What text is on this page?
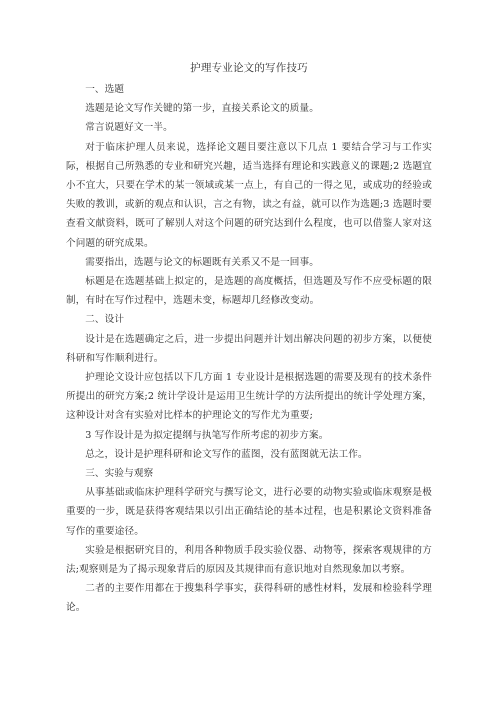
护理专业论文的写作技巧
一、选题

选题是论文写作关键的第一步，直接关系论文的质量。

常言说题好文一半。

对于临床护理人员来说，选择论文题目要注意以下几点 1 要结合学习与工作实际，根据自己所熟悉的专业和研究兴趣，适当选择有理论和实践意义的课题;2 选题宜小不宜大，只要在学术的某一领域或某一点上，有自己的一得之见，或成功的经验或失败的教训，或新的观点和认识，言之有物，读之有益，就可以作为选题;3 选题时要查看文献资料，既可了解别人对这个问题的研究达到什么程度，也可以借鉴人家对这个问题的研究成果。

需要指出，选题与论文的标题既有关系又不是一回事。

标题是在选题基础上拟定的，是选题的高度概括，但选题及写作不应受标题的限制，有时在写作过程中，选题未变，标题却几经修改变动。

二、设计

设计是在选题确定之后，进一步提出问题并计划出解决问题的初步方案，以便使科研和写作顺利进行。

护理论文设计应包括以下几方面 1 专业设计是根据选题的需要及现有的技术条件所提出的研究方案;2 统计学设计是运用卫生统计学的方法所提出的统计学处理方案，这种设计对含有实验对比样本的护理论文的写作尤为重要;

3 写作设计是为拟定提纲与执笔写作所考虑的初步方案。

总之，设计是护理科研和论文写作的蓝图，没有蓝图就无法工作。

三、实验与观察

从事基础或临床护理科学研究与撰写论文，进行必要的动物实验或临床观察是极重要的一步，既是获得客观结果以引出正确结论的基本过程，也是积累论文资料准备写作的重要途径。

实验是根据研究目的，利用各种物质手段实验仪器、动物等，探索客观规律的方法;观察则是为了揭示现象背后的原因及其规律而有意识地对自然现象加以考察。

二者的主要作用都在于搜集科学事实，获得科研的感性材料，发展和检验科学理论。
